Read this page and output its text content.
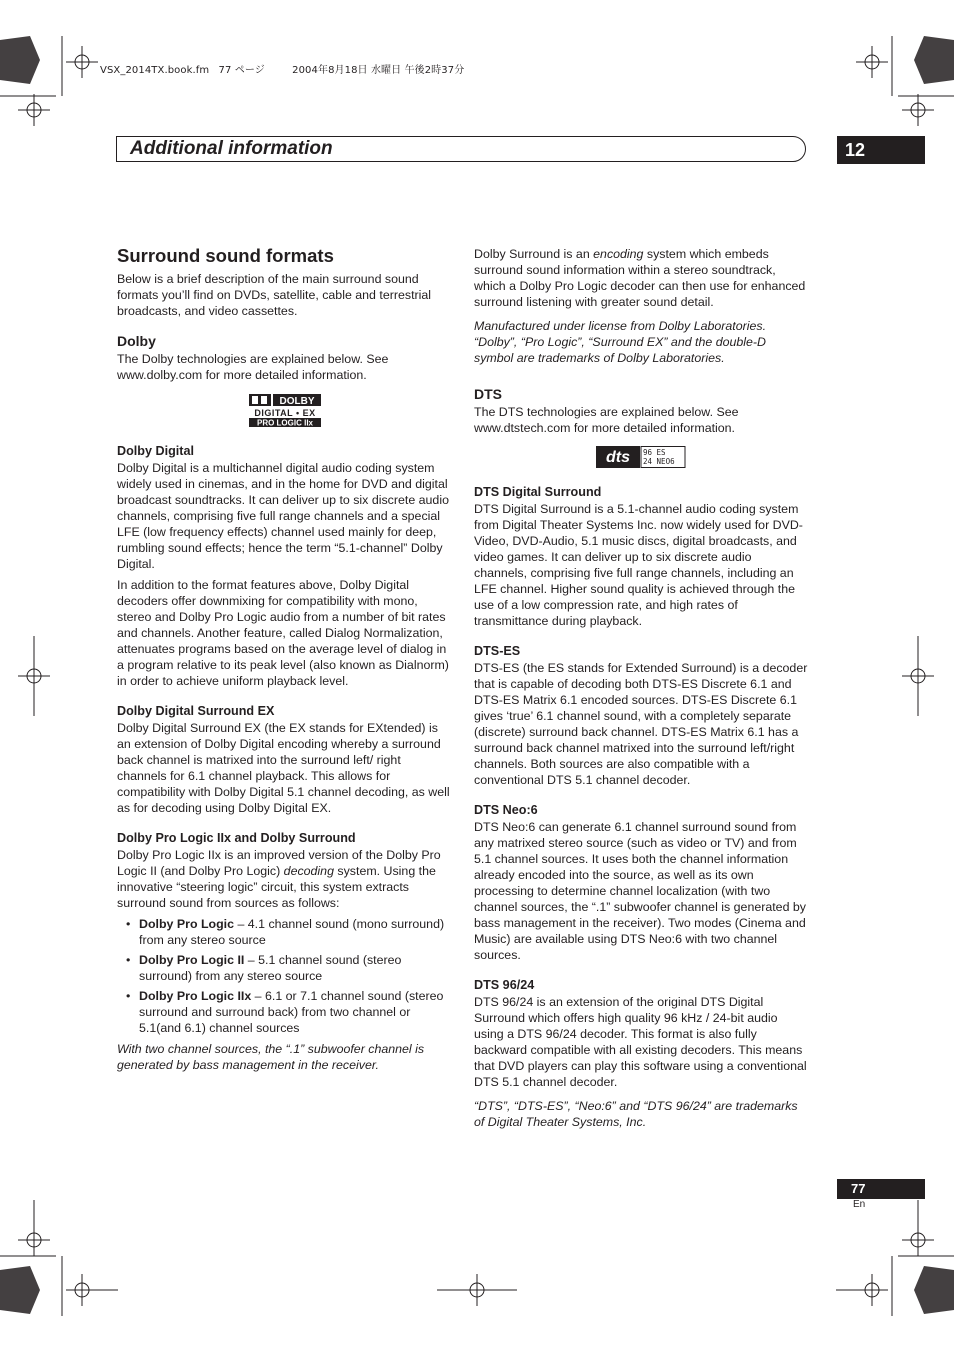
VSX_2014TX.book.fm 77 ページ	2004年8月18日 水曜日 午後2時37分
Additional information	12
Surround sound formats

Below is a brief description of the main surround sound formats you’ll find on DVDs, satellite, cable and terrestrial broadcasts, and video cassettes.

Dolby

The Dolby technologies are explained below. See www.dolby.com for more detailed information.

DOLBY
DIGITAL • EX
PRO LOGIC IIx
Dolby Digital

Dolby Digital is a multichannel digital audio coding system widely used in cinemas, and in the home for DVD and digital broadcast soundtracks. It can deliver up to six discrete audio channels, comprising five full range channels and a special LFE (low frequency effects) channel used mainly for deep, rumbling sound effects; hence the term “5.1-channel” Dolby Digital.

In addition to the format features above, Dolby Digital decoders offer downmixing for compatibility with mono, stereo and Dolby Pro Logic audio from a number of bit rates and channels. Another feature, called Dialog Normalization, attenuates programs based on the average level of dialog in a program relative to its peak level (also known as Dialnorm) in order to achieve uniform playback level.

Dolby Digital Surround EX

Dolby Digital Surround EX (the EX stands for EXtended) is an extension of Dolby Digital encoding whereby a surround back channel is matrixed into the surround left/ right channels for 6.1 channel playback. This allows for compatibility with Dolby Digital 5.1 channel decoding, as well as for decoding using Dolby Digital EX.

Dolby Pro Logic IIx and Dolby Surround

Dolby Pro Logic IIx is an improved version of the Dolby Pro Logic II (and Dolby Pro Logic) decoding system. Using the innovative “steering logic” circuit, this system extracts surround sound from sources as follows:

• Dolby Pro Logic – 4.1 channel sound (mono surround) from any stereo source
• Dolby Pro Logic II – 5.1 channel sound (stereo surround) from any stereo source
• Dolby Pro Logic IIx – 6.1 or 7.1 channel sound (stereo surround and surround back) from two channel or 5.1(and 6.1) channel sources

With two channel sources, the “.1” subwoofer channel is generated by bass management in the receiver.

Dolby Surround is an encoding system which embeds surround sound information within a stereo soundtrack, which a Dolby Pro Logic decoder can then use for enhanced surround listening with greater sound detail.

Manufactured under license from Dolby Laboratories. “Dolby”, “Pro Logic”, “Surround EX” and the double-D symbol are trademarks of Dolby Laboratories.

DTS

The DTS technologies are explained below. See www.dtstech.com for more detailed information.

dts 96 ES
24 NEO6
DTS Digital Surround

DTS Digital Surround is a 5.1-channel audio coding system from Digital Theater Systems Inc. now widely used for DVD-Video, DVD-Audio, 5.1 music discs, digital broadcasts, and video games. It can deliver up to six discrete audio channels, comprising five full range channels, including an LFE channel. Higher sound quality is achieved through the use of a low compression rate, and high rates of transmittance during playback.

DTS-ES

DTS-ES (the ES stands for Extended Surround) is a decoder that is capable of decoding both DTS-ES Discrete 6.1 and DTS-ES Matrix 6.1 encoded sources. DTS-ES Discrete 6.1 gives ‘true’ 6.1 channel sound, with a completely separate (discrete) surround back channel. DTS-ES Matrix 6.1 has a surround back channel matrixed into the surround left/right channels. Both sources are also compatible with a conventional DTS 5.1 channel decoder.

DTS Neo:6

DTS Neo:6 can generate 6.1 channel surround sound from any matrixed stereo source (such as video or TV) and from 5.1 channel sources. It uses both the channel information already encoded into the source, as well as its own processing to determine channel localization (with two channel sources, the “.1” subwoofer channel is generated by bass management in the receiver). Two modes (Cinema and Music) are available using DTS Neo:6 with two channel sources.

DTS 96/24

DTS 96/24 is an extension of the original DTS Digital Surround which offers high quality 96 kHz / 24-bit audio using a DTS 96/24 decoder. This format is also fully backward compatible with all existing decoders. This means that DVD players can play this software using a conventional DTS 5.1 channel decoder.

“DTS”, “DTS-ES”, “Neo:6” and “DTS 96/24” are trademarks of Digital Theater Systems, Inc.

77
En
